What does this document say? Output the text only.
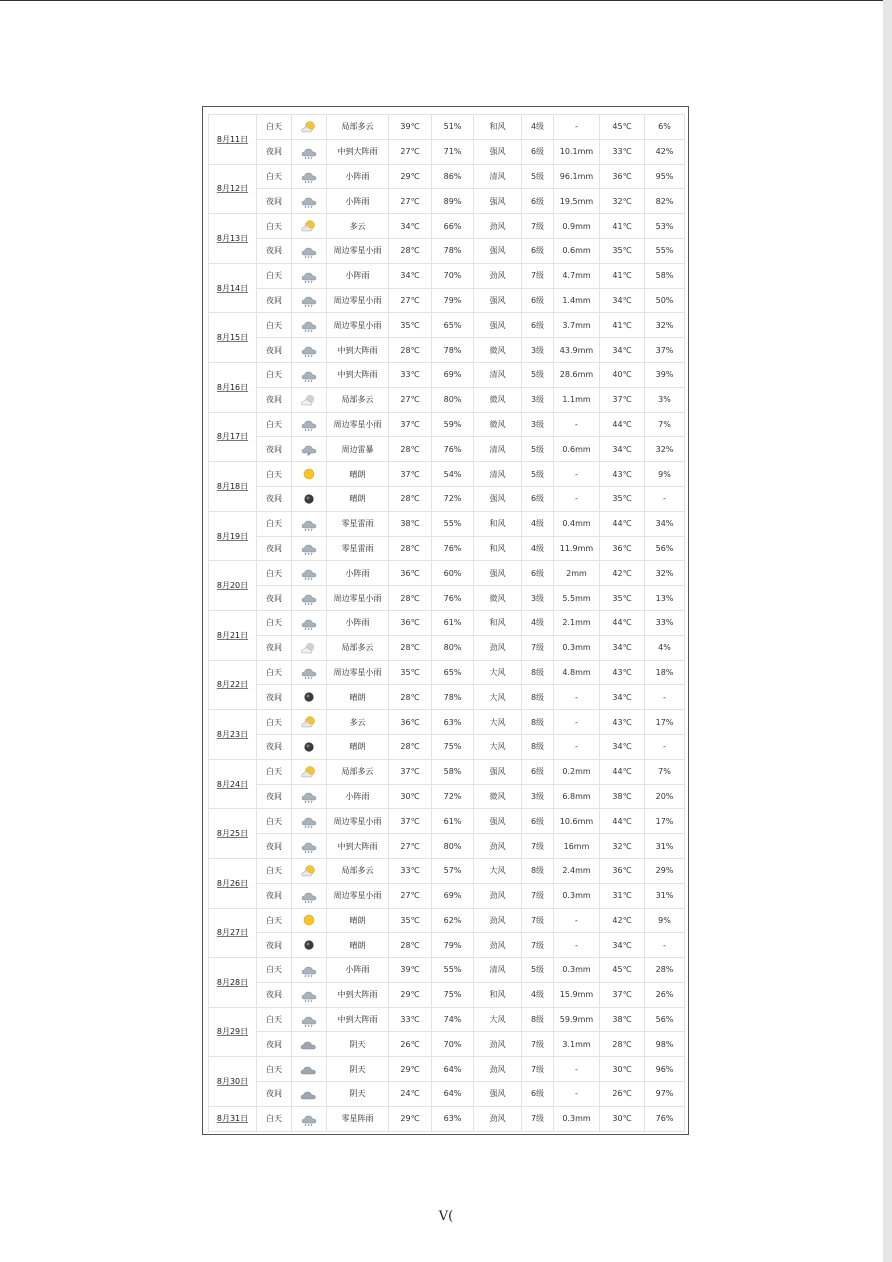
8月11日	白天		局部多云	39℃	51%	和风	4级	-	45℃	6%
	夜间		中到大阵雨	27℃	71%	强风	6级	10.1mm	33℃	42%
8月12日	白天		小阵雨	29℃	86%	清风	5级	96.1mm	36℃	95%
	夜间		小阵雨	27℃	89%	强风	6级	19.5mm	32℃	82%
8月13日	白天		多云	34℃	66%	劲风	7级	0.9mm	41℃	53%
	夜间		周边零星小雨	28℃	78%	强风	6级	0.6mm	35℃	55%
8月14日	白天		小阵雨	34℃	70%	劲风	7级	4.7mm	41℃	58%
	夜间		周边零星小雨	27℃	79%	强风	6级	1.4mm	34℃	50%
8月15日	白天		周边零星小雨	35℃	65%	强风	6级	3.7mm	41℃	32%
	夜间		中到大阵雨	28℃	78%	微风	3级	43.9mm	34℃	37%
8月16日	白天		中到大阵雨	33℃	69%	清风	5级	28.6mm	40℃	39%
	夜间		局部多云	27℃	80%	微风	3级	1.1mm	37℃	3%
8月17日	白天		周边零星小雨	37℃	59%	微风	3级	-	44℃	7%
	夜间		周边雷暴	28℃	76%	清风	5级	0.6mm	34℃	32%
8月18日	白天		晴朗	37℃	54%	清风	5级	-	43℃	9%
	夜间		晴朗	28℃	72%	强风	6级	-	35℃	-
8月19日	白天		零星雷雨	38℃	55%	和风	4级	0.4mm	44℃	34%
	夜间		零星雷雨	28℃	76%	和风	4级	11.9mm	36℃	56%
8月20日	白天		小阵雨	36℃	60%	强风	6级	2mm	42℃	32%
	夜间		周边零星小雨	28℃	76%	微风	3级	5.5mm	35℃	13%
8月21日	白天		小阵雨	36℃	61%	和风	4级	2.1mm	44℃	33%
	夜间		局部多云	28℃	80%	劲风	7级	0.3mm	34℃	4%
8月22日	白天		周边零星小雨	35℃	65%	大风	8级	4.8mm	43℃	18%
	夜间		晴朗	28℃	78%	大风	8级	-	34℃	-
8月23日	白天		多云	36℃	63%	大风	8级	-	43℃	17%
	夜间		晴朗	28℃	75%	大风	8级	-	34℃	-
8月24日	白天		局部多云	37℃	58%	强风	6级	0.2mm	44℃	7%
	夜间		小阵雨	30℃	72%	微风	3级	6.8mm	38℃	20%
8月25日	白天		周边零星小雨	37℃	61%	强风	6级	10.6mm	44℃	17%
	夜间		中到大阵雨	27℃	80%	劲风	7级	16mm	32℃	31%
8月26日	白天		局部多云	33℃	57%	大风	8级	2.4mm	36℃	29%
	夜间		周边零星小雨	27℃	69%	劲风	7级	0.3mm	31℃	31%
8月27日	白天		晴朗	35℃	62%	劲风	7级	-	42℃	9%
	夜间		晴朗	28℃	79%	劲风	7级	-	34℃	-
8月28日	白天		小阵雨	39℃	55%	清风	5级	0.3mm	45℃	28%
	夜间		中到大阵雨	29℃	75%	和风	4级	15.9mm	37℃	26%
8月29日	白天		中到大阵雨	33℃	74%	大风	8级	59.9mm	38℃	56%
	夜间		阴天	26℃	70%	劲风	7级	3.1mm	28℃	98%
8月30日	白天		阴天	29℃	64%	劲风	7级	-	30℃	96%
	夜间		阴天	24℃	64%	强风	6级	-	26℃	97%
8月31日	白天		零星阵雨	29℃	63%	劲风	7级	0.3mm	30℃	76%
V(
